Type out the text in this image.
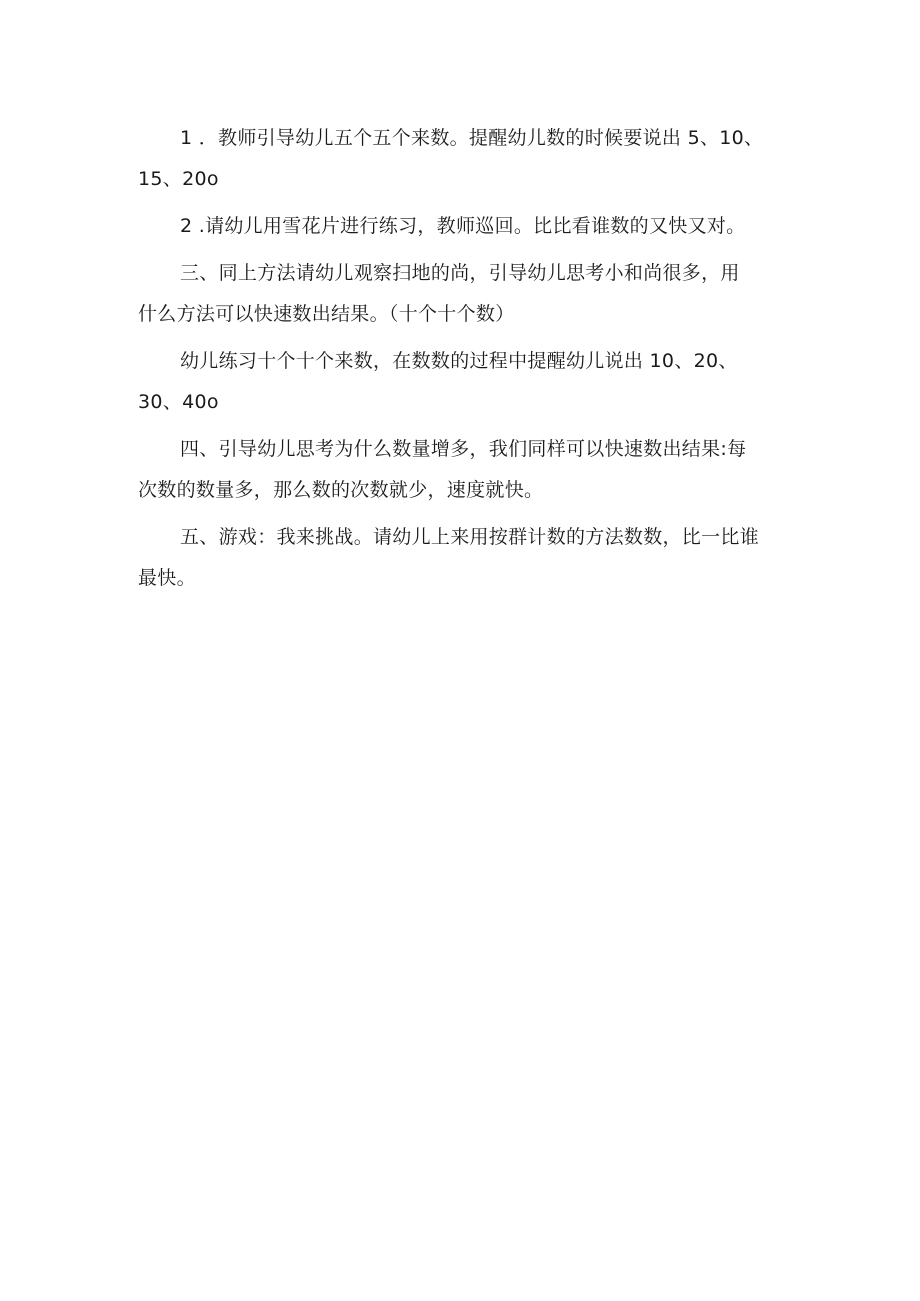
1 ．教师引导幼儿五个五个来数。提醒幼儿数的时候要说出 5、10、
15、20o

2 .请幼儿用雪花片进行练习，教师巡回。比比看谁数的又快又对。

三、同上方法请幼儿观察扫地的尚，引导幼儿思考小和尚很多，用
什么方法可以快速数出结果。（十个十个数）

幼儿练习十个十个来数，在数数的过程中提醒幼儿说出 10、20、
30、40o

四、引导幼儿思考为什么数量增多，我们同样可以快速数出结果:每
次数的数量多，那么数的次数就少，速度就快。

五、游戏：我来挑战。请幼儿上来用按群计数的方法数数，比一比谁
最快。
